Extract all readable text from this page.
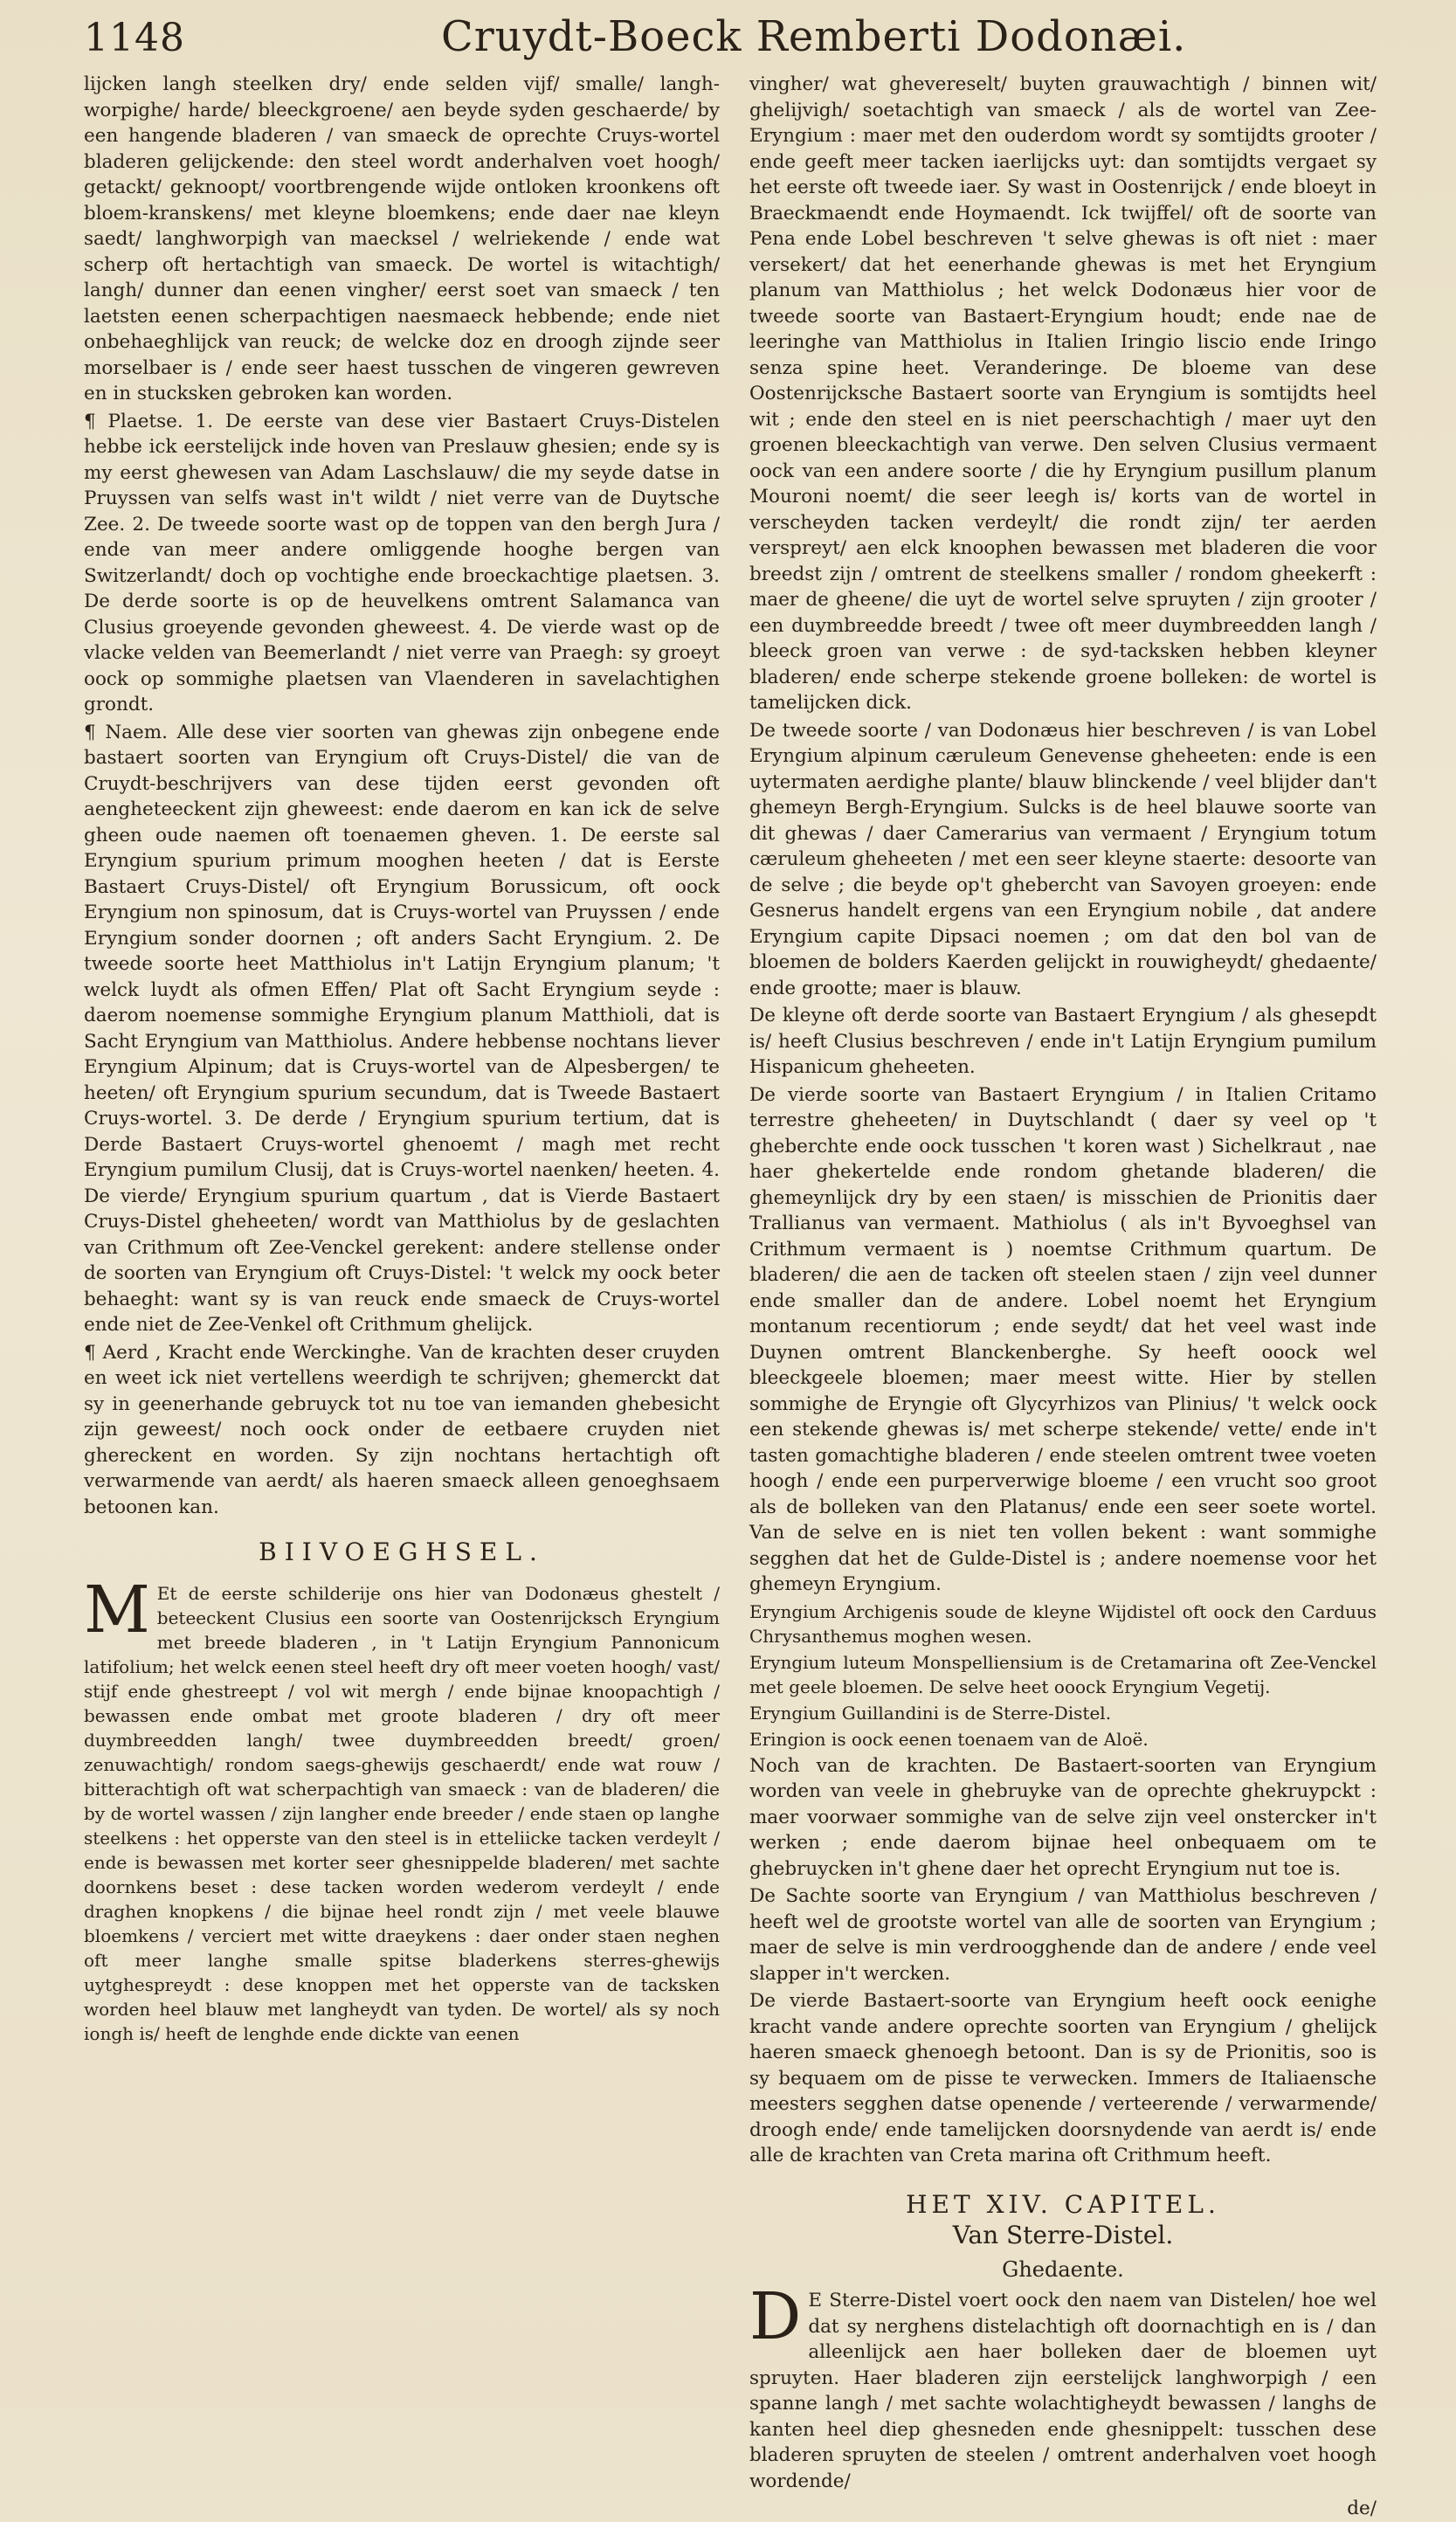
1148	Cruydt-Boeck Remberti Dodonæi.

lijcken langh steelken dry/ ende selden vijf/ smalle/ langh-worpighe/ harde/ bleeckgroene/ aen beyde syden geschaerde/ by een hangende bladeren / van smaeck de oprechte Cruys-wortel bladeren gelijckende: den steel wordt anderhalven voet hoogh/ getackt/ geknoopt/ voortbrengende wijde ontloken kroonkens oft bloem-kranskens/ met kleyne bloemkens; ende daer nae kleyn saedt/ langhworpigh van maecksel / welriekende / ende wat scherp oft hertachtigh van smaeck. De wortel is witachtigh/ langh/ dunner dan eenen vingher/ eerst soet van smaeck / ten laetsten eenen scherpachtigen naesmaeck hebbende; ende niet onbehaeghlijck van reuck; de welcke doz en droogh zijnde seer morselbaer is / ende seer haest tusschen de vingeren gewreven en in stucksken gebroken kan worden.

¶ Plaetse. 1. De eerste van dese vier Bastaert Cruys-Distelen hebbe ick eerstelijck inde hoven van Preslauw ghesien; ende sy is my eerst ghewesen van Adam Laschslauw/ die my seyde datse in Pruyssen van selfs wast in't wildt / niet verre van de Duytsche Zee. 2. De tweede soorte wast op de toppen van den bergh Jura / ende van meer andere omliggende hooghe bergen van Switzerlandt/ doch op vochtighe ende broeckachtige plaetsen. 3. De derde soorte is op de heuvelkens omtrent Salamanca van Clusius groeyende gevonden gheweest. 4. De vierde wast op de vlacke velden van Beemerlandt / niet verre van Praegh: sy groeyt oock op sommighe plaetsen van Vlaenderen in savelachtighen grondt.

¶ Naem. Alle dese vier soorten van ghewas zijn onbegene ende bastaert soorten van Eryngium oft Cruys-Distel/ die van de Cruydt-beschrijvers van dese tijden eerst gevonden oft aengheteeckent zijn gheweest: ende daerom en kan ick de selve gheen oude naemen oft toenaemen gheven. 1. De eerste sal Eryngium spurium primum mooghen heeten / dat is Eerste Bastaert Cruys-Distel/ oft Eryngium Borussicum, oft oock Eryngium non spinosum, dat is Cruys-wortel van Pruyssen / ende Eryngium sonder doornen ; oft anders Sacht Eryngium. 2. De tweede soorte heet Matthiolus in't Latijn Eryngium planum; 't welck luydt als ofmen Effen/ Plat oft Sacht Eryngium seyde : daerom noemense sommighe Eryngium planum Matthioli, dat is Sacht Eryngium van Matthiolus. Andere hebbense nochtans liever Eryngium Alpinum; dat is Cruys-wortel van de Alpesbergen/ te heeten/ oft Eryngium spurium secundum, dat is Tweede Bastaert Cruys-wortel. 3. De derde / Eryngium spurium tertium, dat is Derde Bastaert Cruys-wortel ghenoemt / magh met recht Eryngium pumilum Clusij, dat is Cruys-wortel naenken/ heeten. 4. De vierde/ Eryngium spurium quartum , dat is Vierde Bastaert Cruys-Distel gheheeten/ wordt van Matthiolus by de geslachten van Crithmum oft Zee-Venckel gerekent: andere stellense onder de soorten van Eryngium oft Cruys-Distel: 't welck my oock beter behaeght: want sy is van reuck ende smaeck de Cruys-wortel ende niet de Zee-Venkel oft Crithmum ghelijck.

¶ Aerd , Kracht ende Werckinghe. Van de krachten deser cruyden en weet ick niet vertellens weerdigh te schrijven; ghemerckt dat sy in geenerhande gebruyck tot nu toe van iemanden ghebesicht zijn geweest/ noch oock onder de eetbaere cruyden niet ghereckent en worden. Sy zijn nochtans hertachtigh oft verwarmende van aerdt/ als haeren smaeck alleen genoeghsaem betoonen kan.

BIIVOEGHSEL.

M Et de eerste schilderije ons hier van Dodonæus ghestelt / beteeckent Clusius een soorte van Oostenrijcksch Eryngium met breede bladeren , in 't Latijn Eryngium Pannonicum latifolium; het welck eenen steel heeft dry oft meer voeten hoogh/ vast/ stijf ende ghestreept / vol wit mergh / ende bijnae knoopachtigh / bewassen ende ombat met groote bladeren / dry oft meer duymbreedden langh/ twee duymbreedden breedt/ groen/ zenuwachtigh/ rondom saegs-ghewijs geschaerdt/ ende wat rouw / bitterachtigh oft wat scherpachtigh van smaeck : van de bladeren/ die by de wortel wassen / zijn langher ende breeder / ende staen op langhe steelkens : het opperste van den steel is in etteliicke tacken verdeylt / ende is bewassen met korter seer ghesnippelde bladeren/ met sachte doornkens beset : dese tacken worden wederom verdeylt / ende draghen knopkens / die bijnae heel rondt zijn / met veele blauwe bloemkens / verciert met witte draeykens : daer onder staen neghen oft meer langhe smalle spitse bladerkens sterres-ghewijs uytghespreydt : dese knoppen met het opperste van de tacksken worden heel blauw met langheydt van tyden. De wortel/ als sy noch iongh is/ heeft de lenghde ende dickte van eenen

vingher/ wat ghevereselt/ buyten grauwachtigh / binnen wit/ ghelijvigh/ soetachtigh van smaeck / als de wortel van Zee-Eryngium : maer met den ouderdom wordt sy somtijdts grooter / ende geeft meer tacken iaerlijcks uyt: dan somtijdts vergaet sy het eerste oft tweede iaer. Sy wast in Oostenrijck / ende bloeyt in Braeckmaendt ende Hoymaendt. Ick twijffel/ oft de soorte van Pena ende Lobel beschreven 't selve ghewas is oft niet : maer versekert/ dat het eenerhande ghewas is met het Eryngium planum van Matthiolus ; het welck Dodonæus hier voor de tweede soorte van Bastaert-Eryngium houdt; ende nae de leeringhe van Matthiolus in Italien Iringio liscio ende Iringo senza spine heet. Veranderinge. De bloeme van dese Oostenrijcksche Bastaert soorte van Eryngium is somtijdts heel wit ; ende den steel en is niet peerschachtigh / maer uyt den groenen bleeckachtigh van verwe. Den selven Clusius vermaent oock van een andere soorte / die hy Eryngium pusillum planum Mouroni noemt/ die seer leegh is/ korts van de wortel in verscheyden tacken verdeylt/ die rondt zijn/ ter aerden verspreyt/ aen elck knoophen bewassen met bladeren die voor breedst zijn / omtrent de steelkens smaller / rondom gheekerft : maer de gheene/ die uyt de wortel selve spruyten / zijn grooter / een duymbreedde breedt / twee oft meer duymbreedden langh / bleeck groen van verwe : de syd-tacksken hebben kleyner bladeren/ ende scherpe stekende groene bolleken: de wortel is tamelijcken dick.

De tweede soorte / van Dodonæus hier beschreven / is van Lobel Eryngium alpinum cæruleum Genevense gheheeten: ende is een uytermaten aerdighe plante/ blauw blinckende / veel blijder dan't ghemeyn Bergh-Eryngium. Sulcks is de heel blauwe soorte van dit ghewas / daer Camerarius van vermaent / Eryngium totum cæruleum gheheeten / met een seer kleyne staerte: desoorte van de selve ; die beyde op't ghebercht van Savoyen groeyen: ende Gesnerus handelt ergens van een Eryngium nobile , dat andere Eryngium capite Dipsaci noemen ; om dat den bol van de bloemen de bolders Kaerden gelijckt in rouwigheydt/ ghedaente/ ende grootte; maer is blauw.

De kleyne oft derde soorte van Bastaert Eryngium / als ghesepdt is/ heeft Clusius beschreven / ende in't Latijn Eryngium pumilum Hispanicum gheheeten.

De vierde soorte van Bastaert Eryngium / in Italien Critamo terrestre gheheeten/ in Duytschlandt ( daer sy veel op 't gheberchte ende oock tusschen 't koren wast ) Sichelkraut , nae haer ghekertelde ende rondom ghetande bladeren/ die ghemeynlijck dry by een staen/ is misschien de Prionitis daer Trallianus van vermaent. Mathiolus ( als in't Byvoeghsel van Crithmum vermaent is ) noemtse Crithmum quartum. De bladeren/ die aen de tacken oft steelen staen / zijn veel dunner ende smaller dan de andere. Lobel noemt het Eryngium montanum recentiorum ; ende seydt/ dat het veel wast inde Duynen omtrent Blanckenberghe. Sy heeft ooock wel bleeckgeele bloemen; maer meest witte. Hier by stellen sommighe de Eryngie oft Glycyrhizos van Plinius/ 't welck oock een stekende ghewas is/ met scherpe stekende/ vette/ ende in't tasten gomachtighe bladeren / ende steelen omtrent twee voeten hoogh / ende een purperverwige bloeme / een vrucht soo groot als de bolleken van den Platanus/ ende een seer soete wortel. Van de selve en is niet ten vollen bekent : want sommighe segghen dat het de Gulde-Distel is ; andere noemense voor het ghemeyn Eryngium.

Eryngium Archigenis soude de kleyne Wijdistel oft oock den Carduus Chrysanthemus moghen wesen.

Eryngium luteum Monspelliensium is de Cretamarina oft Zee-Venckel met geele bloemen. De selve heet ooock Eryngium Vegetij.

Eryngium Guillandini is de Sterre-Distel.

Eringion is oock eenen toenaem van de Aloë.

Noch van de krachten. De Bastaert-soorten van Eryngium worden van veele in ghebruyke van de oprechte ghekruypckt : maer voorwaer sommighe van de selve zijn veel onstercker in't werken ; ende daerom bijnae heel onbequaem om te ghebruycken in't ghene daer het oprecht Eryngium nut toe is.

De Sachte soorte van Eryngium / van Matthiolus beschreven / heeft wel de grootste wortel van alle de soorten van Eryngium ; maer de selve is min verdroogghende dan de andere / ende veel slapper in't wercken.

De vierde Bastaert-soorte van Eryngium heeft oock eenighe kracht vande andere oprechte soorten van Eryngium / ghelijck haeren smaeck ghenoegh betoont. Dan is sy de Prionitis, soo is sy bequaem om de pisse te verwecken. Immers de Italiaensche meesters segghen datse openende / verteerende / verwarmende/ droogh ende/ ende tamelijcken doorsnydende van aerdt is/ ende alle de krachten van Creta marina oft Crithmum heeft.

HET XIV. CAPITEL.
Van Sterre-Distel.
Ghedaente.

D E Sterre-Distel voert oock den naem van Distelen/ hoe wel dat sy nerghens distelachtigh oft doornachtigh en is / dan alleenlijck aen haer bolleken daer de bloemen uyt spruyten. Haer bladeren zijn eerstelijck langhworpigh / een spanne langh / met sachte wolachtigheydt bewassen / langhs de kanten heel diep ghesneden ende ghesnippelt: tusschen dese bladeren spruyten de steelen / omtrent anderhalven voet hoogh wordende/

de/
